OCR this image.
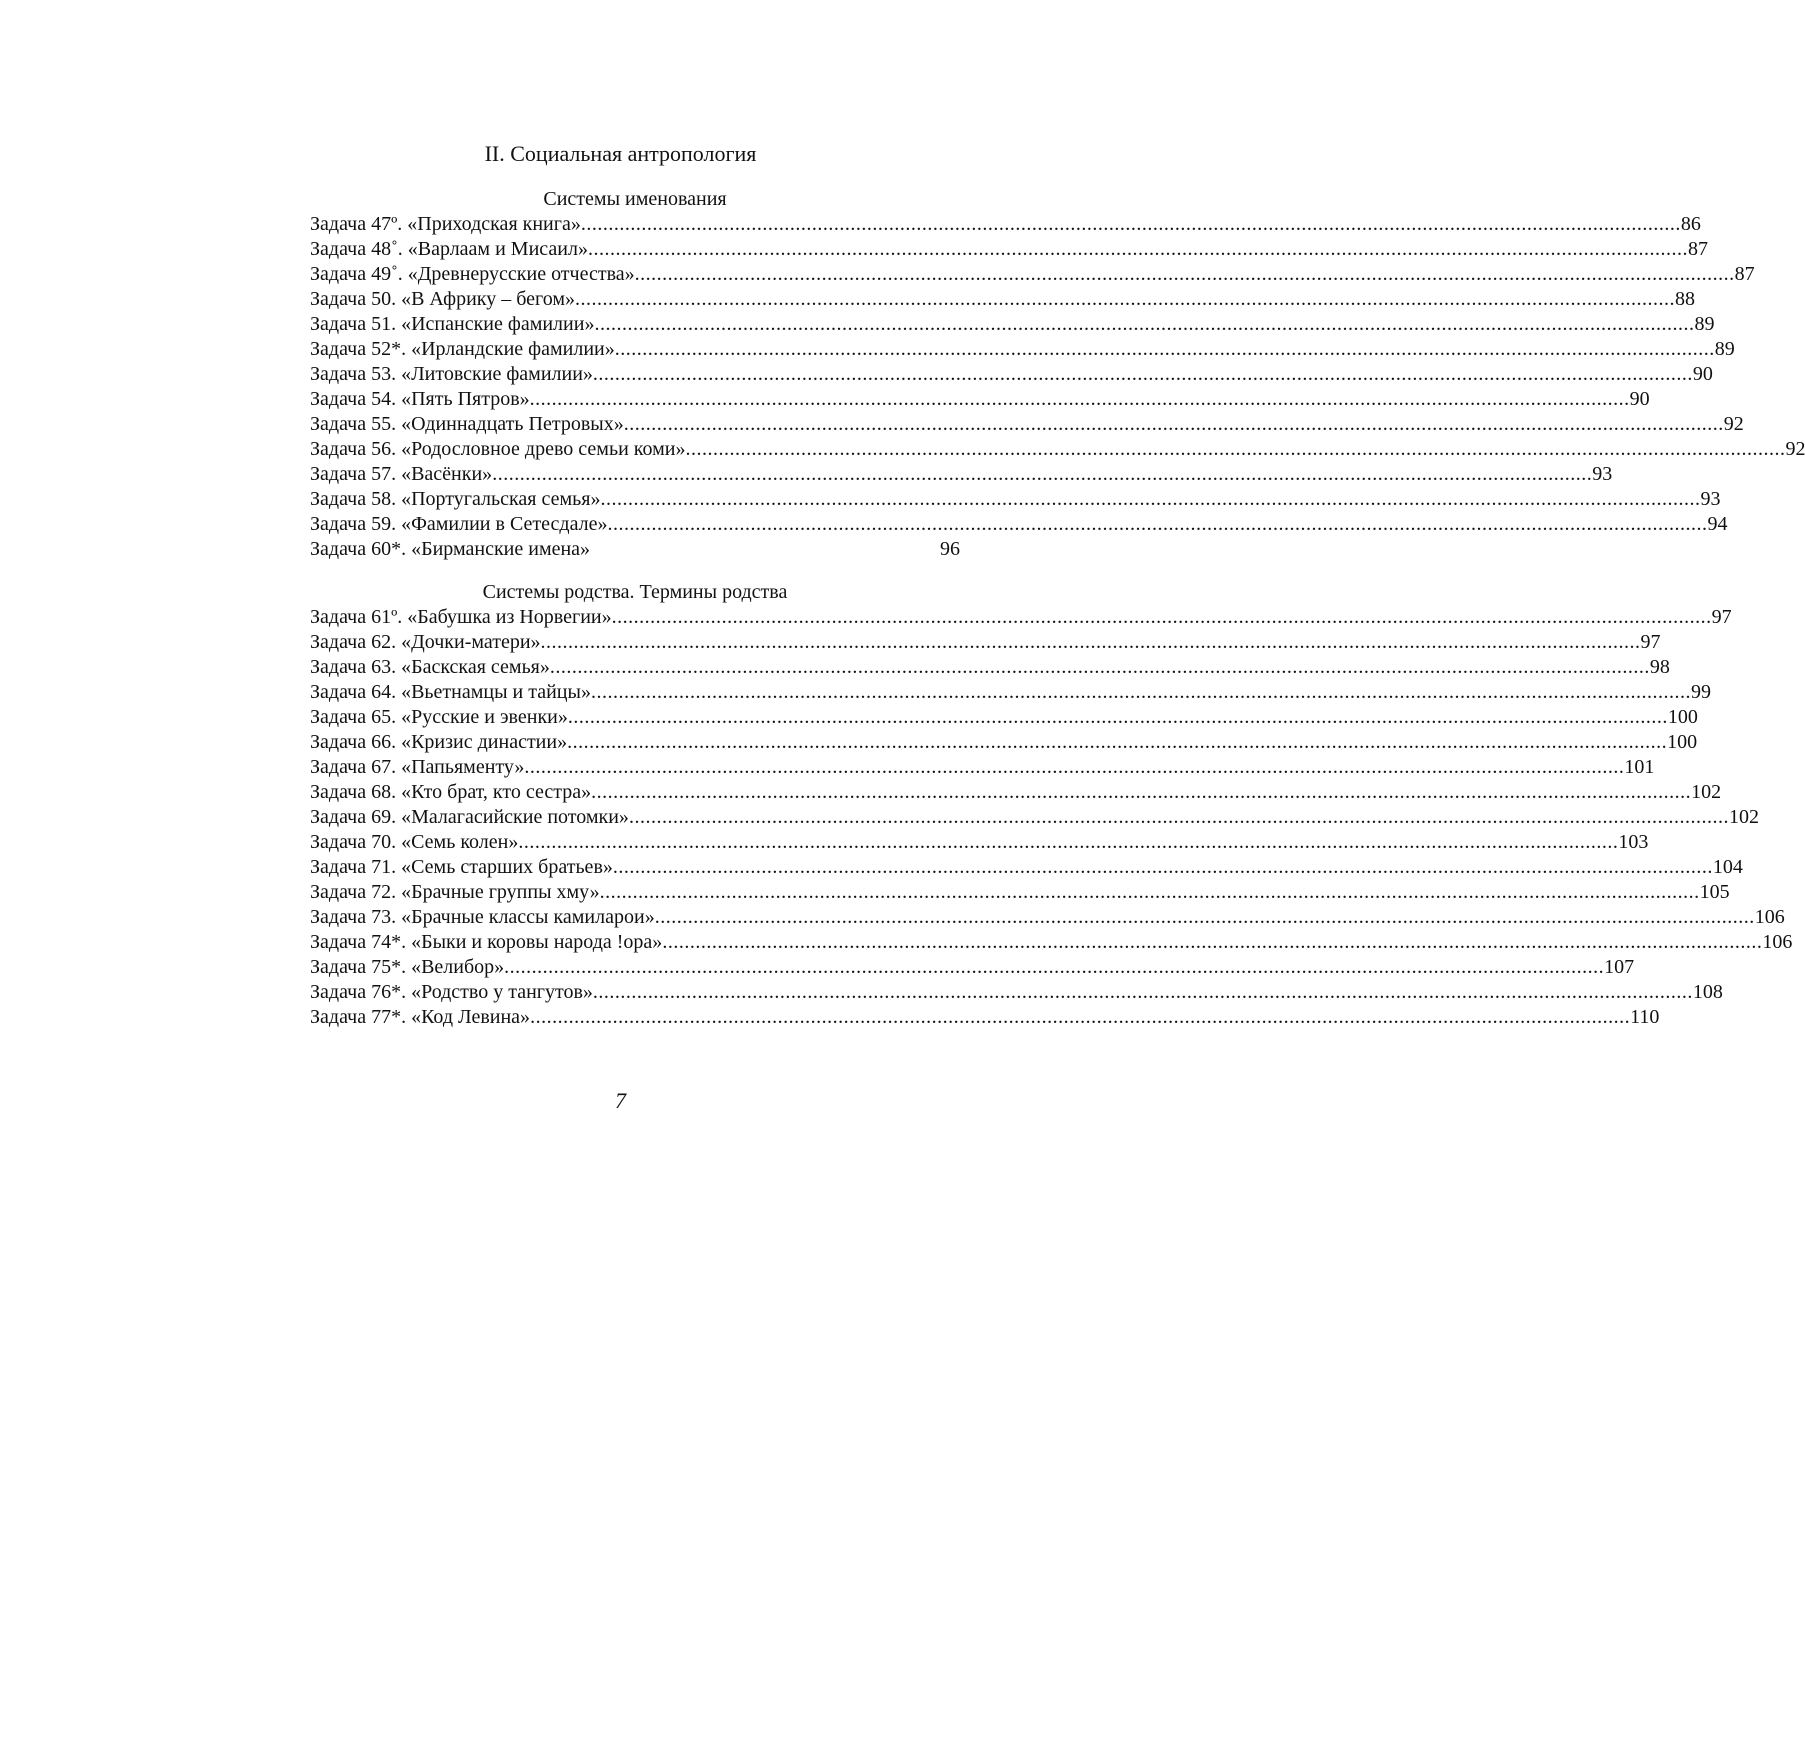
II. Социальная антропология
Системы именования
Задача 47º. «Приходская книга» ........................................................................................................................................................................................................ 86
Задача 48˚. «Варлаам и Мисаил» ........................................................................................................................................................................................................ 87
Задача 49˚. «Древнерусские отчества» ........................................................................................................................................................................................................ 87
Задача 50. «В Африку – бегом» ........................................................................................................................................................................................................ 88
Задача 51. «Испанские фамилии» ........................................................................................................................................................................................................ 89
Задача 52*. «Ирландские фамилии» ........................................................................................................................................................................................................ 89
Задача 53. «Литовские фамилии» ........................................................................................................................................................................................................ 90
Задача 54. «Пять Пятров» ........................................................................................................................................................................................................ 90
Задача 55. «Одиннадцать Петровых» ........................................................................................................................................................................................................ 92
Задача 56. «Родословное древо семьи коми» ........................................................................................................................................................................................................ 92
Задача 57. «Васёнки» ........................................................................................................................................................................................................ 93
Задача 58. «Португальская семья» ........................................................................................................................................................................................................ 93
Задача 59. «Фамилии в Сетесдале» ........................................................................................................................................................................................................ 94
Задача 60*. «Бирманские имена»	96
Системы родства. Термины родства
Задача 61º. «Бабушка из Норвегии» ........................................................................................................................................................................................................ 97
Задача 62. «Дочки-матери» ........................................................................................................................................................................................................ 97
Задача 63. «Баскская семья» ........................................................................................................................................................................................................ 98
Задача 64. «Вьетнамцы и тайцы» ........................................................................................................................................................................................................ 99
Задача 65. «Русские и эвенки» ........................................................................................................................................................................................................ 100
Задача 66. «Кризис династии» ........................................................................................................................................................................................................ 100
Задача 67. «Папьяменту» ........................................................................................................................................................................................................ 101
Задача 68. «Кто брат, кто сестра» ........................................................................................................................................................................................................ 102
Задача 69. «Малагасийские потомки» ........................................................................................................................................................................................................ 102
Задача 70. «Семь колен» ........................................................................................................................................................................................................ 103
Задача 71. «Семь старших братьев» ........................................................................................................................................................................................................ 104
Задача 72. «Брачные группы хму» ........................................................................................................................................................................................................ 105
Задача 73. «Брачные классы камиларои» ........................................................................................................................................................................................................ 106
Задача 74*. «Быки и коровы народа !ора» ........................................................................................................................................................................................................ 106
Задача 75*. «Велибор» ........................................................................................................................................................................................................ 107
Задача 76*. «Родство у тангутов» ........................................................................................................................................................................................................ 108
Задача 77*. «Код Левина» ........................................................................................................................................................................................................ 110
7
